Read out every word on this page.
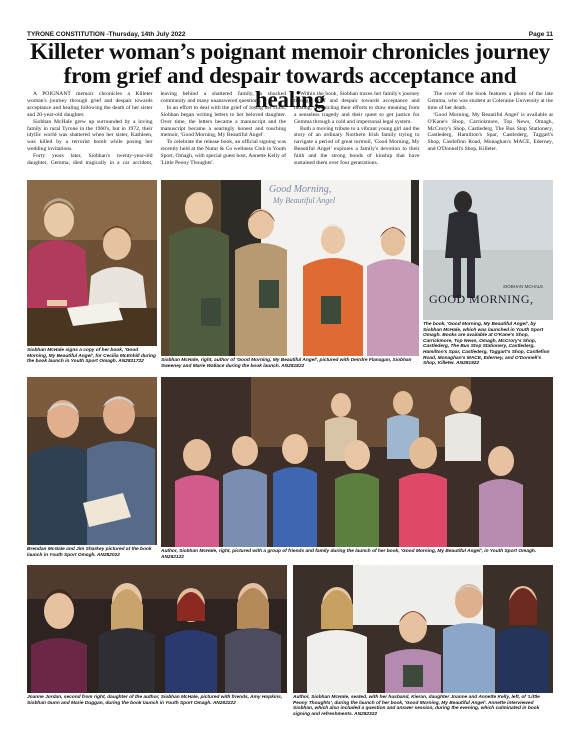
TYRONE CONSTITUTION -Thursday, 14th July 2022	Page 11
Killeter woman’s poignant memoir chronicles journey from grief and despair towards acceptance and healing

A POIGNANT memoir chronicles a Killeter woman's journey through grief and despair towards acceptance and healing following the death of her sister and 20-year-old daughter.

Siobhan McHale grew up surrounded by a loving family in rural Tyrone in the 1960's, but in 1972, their idyllic world was shattered when her sister, Kathleen, was killed by a terrorist bomb while posing her wedding invitations.

Forty years later, Siobhan's twenty-year-old daughter, Gemma, died tragically in a car accident, leaving behind a shattered family, a shocked community and many unanswered questions.

In an effort to deal with the grief of losing her child, Siobhan began writing letters to her beloved daughter. Over time, the letters became a manuscript and the manuscript became a searingly honest and touching memoir, 'Good Morning, My Beautiful Angel'.

To celebrate the release book, an official signing was recently held at the Nutur & Co wellness Club in Youth Sport, Omagh, with special guest host, Annette Kelly of 'Little Peony Thoughts'.

Within the book, Siobhan traces her family's journey through grief and despair towards acceptance and healing, chronicling their efforts to draw meaning from a senseless tragedy and their quest to get justice for Gemma through a cold and impersonal legal system.

Both a moving tribute to a vibrant young girl and the story of an ordinary Northern Irish family trying to navigate a period of great turmoil, 'Good Morning, My Beautiful Angel' explores a family's devotion to their faith and the strong bonds of kinship that have sustained them over four generations.

The cover of the book features a photo of the late Gemma, who was student at Coleraine University at the time of her death.

'Good Morning, My Beautiful Angel' is available at O'Kane's Shop, Carrickmore, Top News, Omagh, McCrory's Shop, Castlederg, The Bus Stop Stationery, Castlederg, Hamilton's Spar, Castlederg, Taggart's Shop, Castlefinn Road, Monaghan's MACE, Ederney, and O'Donnell's Shop, Killeter.

Siobhan McHale signs a copy of her book, 'Good Morning, My Beautiful Angel', for Cecilia McEnhill during the book launch in Youth Sport Omagh. AN2821722
Good Morning,
My Beautiful Angel
Siobhan McHale, right, author of 'Good Morning, My Beautiful Angel', pictured with Deirdre Flanagan, Siobhan Sweeney and Marie Wallace during the book launch. AN281822
SIOBHAN MCHALE
GOOD MORNING,
The book, 'Good Morning, My Beautiful Angel', by Siobhan McHale, which was launched in Youth Sport Omagh. Books are available at O'Kane's Shop, Carrickmore, Top News, Omagh, McCrory's Shop, Castlederg, The Bus Stop Stationery, Castlederg, Hamilton's Spar, Castlederg, Taggart's Shop, Castlefinn Road, Monaghan's MACE, Ederney, and O'Donnell's Shop, Killeter. AN281922
Brendan McGale and Jim Sharkey pictured at the book launch in Youth Sport Omagh. AN282022
Author, Siobhan McHale, right, pictured with a group of friends and family during the launch of her book, 'Good Morning, My Beautiful Angel', in Youth Sport Omagh. AN282122
Joanne Jordan, second from right, daughter of the author, Siobhan McHale, pictured with friends, Amy Hopkins, Siobhan Gunn and Marie Duggan, during the book launch in Youth Sport Omagh. AN282222
Author, Siobhan McHale, seated, with her husband, Kieran, daughter Joanne and Annette Kelly, left, of 'Little Peony Thoughts', during the launch of her book, 'Good Morning, My Beautiful Angel'. Annette interviewed Siobhan, which also included a question and answer session, during the evening, which culminated in book signing and refreshments. AN282322
